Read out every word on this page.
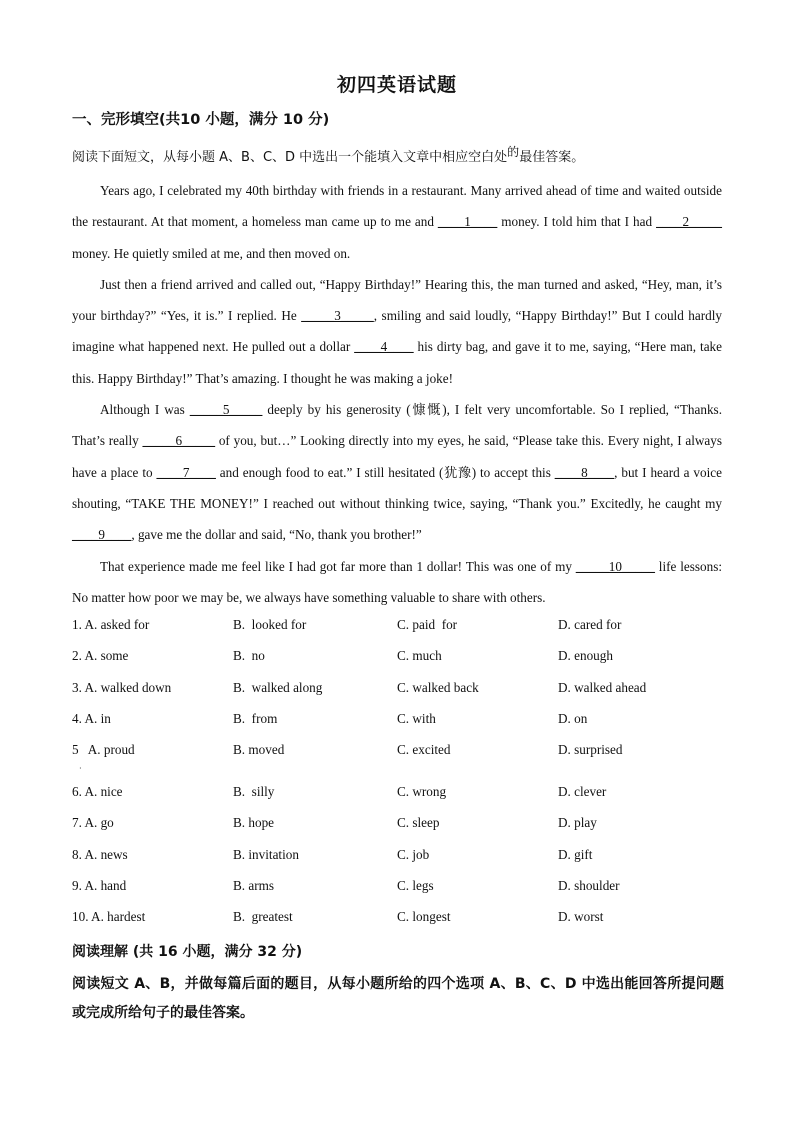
初四英语试题
一、完形填空(共10 小题，满分 10 分)
阅读下面短文，从每小题 A、B、C、D 中选出一个能填入文章中相应空白处的最佳答案。

Years ago, I celebrated my 40th birthday with friends in a restaurant. Many arrived ahead of time and waited outside the restaurant. At that moment, a homeless man came up to me and ____1____ money. I told him that I had ____2_____ money. He quietly smiled at me, and then moved on.

Just then a friend arrived and called out, “Happy Birthday!” Hearing this, the man turned and asked, “Hey, man, it’s your birthday?” “Yes, it is.” I replied. He _____3_____, smiling and said loudly, “Happy Birthday!” But I could hardly imagine what happened next. He pulled out a dollar ____4____ his dirty bag, and gave it to me, saying, “Here man, take this. Happy Birthday!” That’s amazing. I thought he was making a joke!

Although I was _____5_____ deeply by his generosity (慷慨), I felt very uncomfortable. So I replied, “Thanks. That’s really _____6_____ of you, but…” Looking directly into my eyes, he said, “Please take this. Every night, I always have a place to ____7____ and enough food to eat.” I still hesitated (犹豫) to accept this ____8____, but I heard a voice shouting, “TAKE THE MONEY!” I reached out without thinking twice, saying, “Thank you.” Excitedly, he caught my ____9____, gave me the dollar and said, “No, thank you brother!”

That experience made me feel like I had got far more than 1 dollar! This was one of my _____10_____ life lessons: No matter how poor we may be, we always have something valuable to share with others.

1. A. asked for	B.  looked for	C. paid  for	D. cared for
2. A. some	B.  no	C. much	D. enough
3. A. walked down	B.  walked along	C. walked back	D. walked ahead
4. A. in	B.  from	C. with	D. on
5   A. proud	B. moved	C. excited	D. surprised
·
6. A. nice	B.  silly	C. wrong	D. clever
7. A. go	B. hope	C. sleep	D. play
8. A. news	B. invitation	C. job	D. gift
9. A. hand	B. arms	C. legs	D. shoulder
10. A. hardest	B.  greatest	C. longest	D. worst
阅读理解 (共 16 小题，满分 32 分)
阅读短文 A、B，并做每篇后面的题目，从每小题所给的四个选项 A、B、C、D 中选出能回答所提问题或完成所给句子的最佳答案。
